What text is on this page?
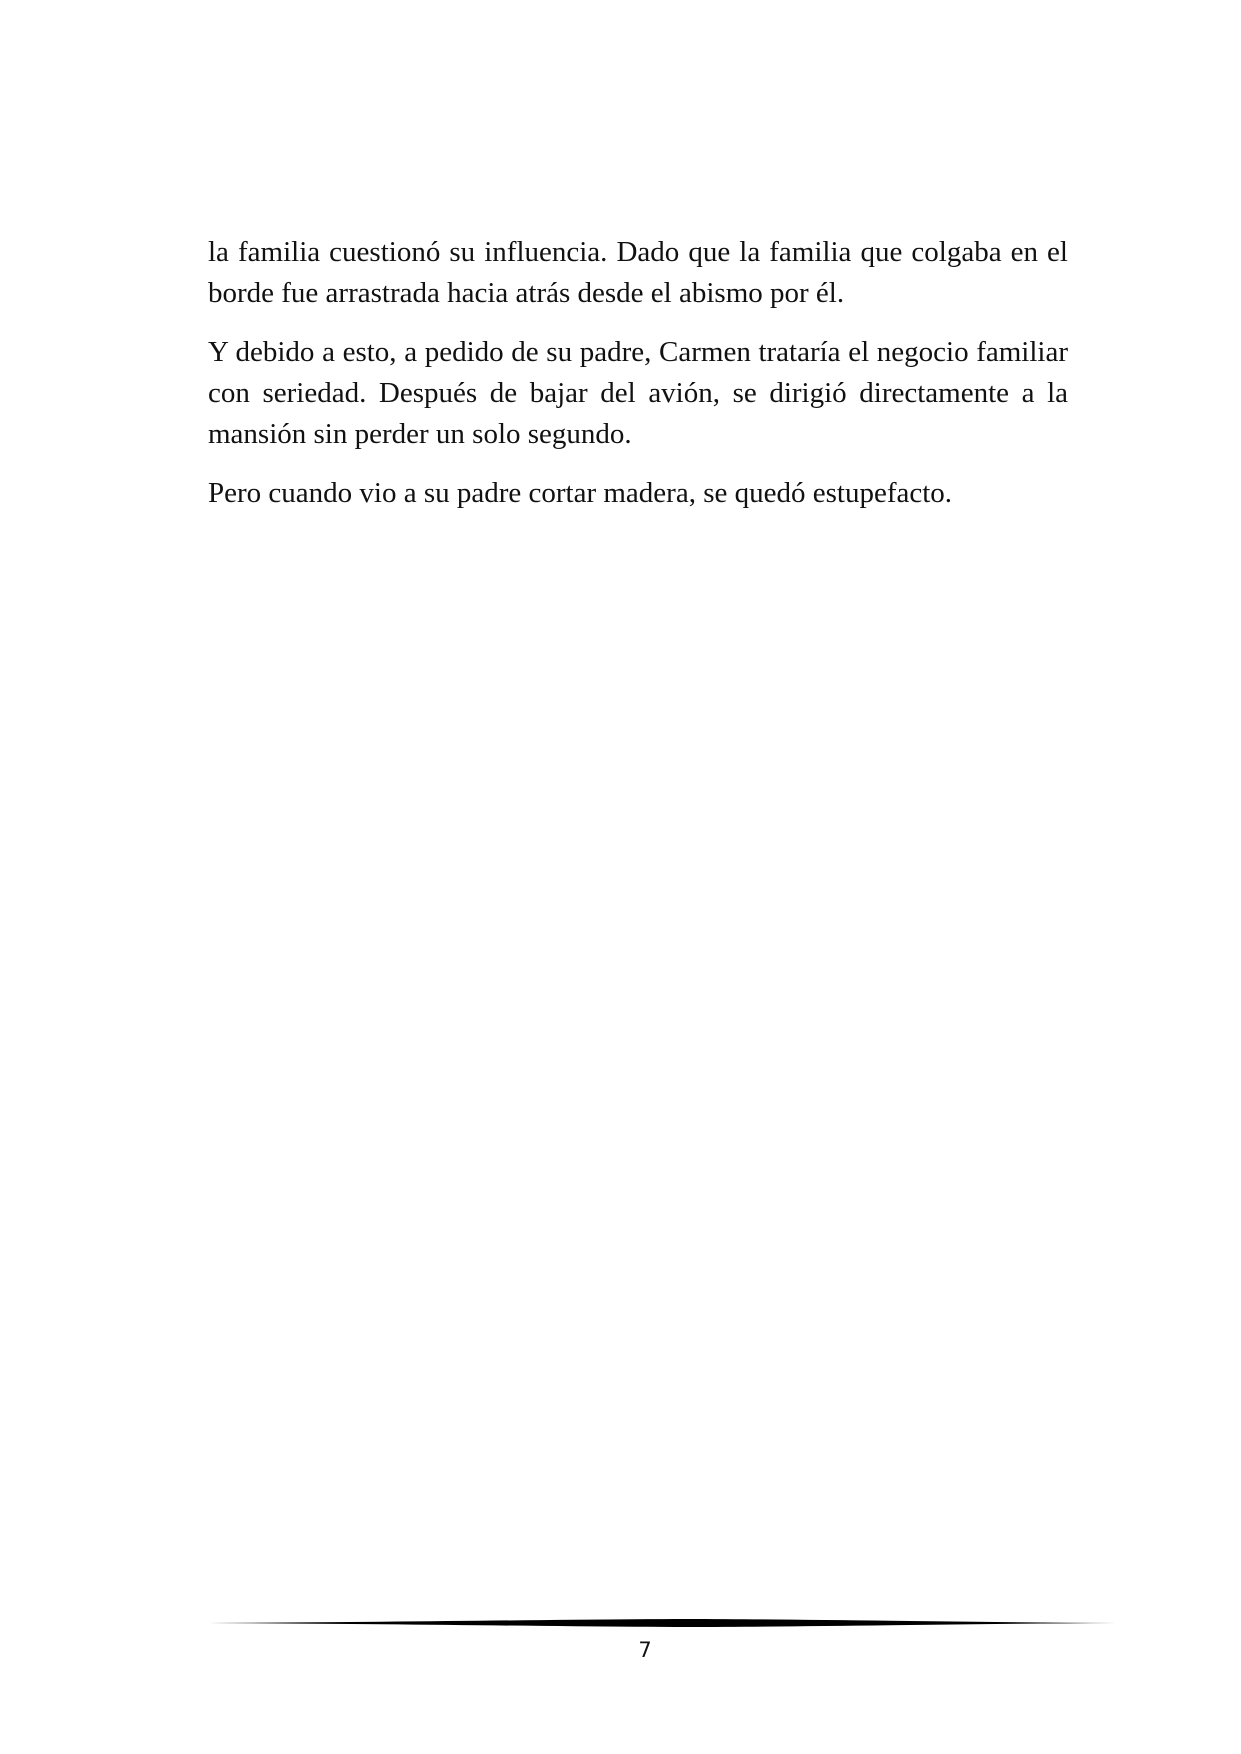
la familia cuestionó su influencia. Dado que la familia que colgaba en el borde fue arrastrada hacia atrás desde el abismo por él.

Y debido a esto, a pedido de su padre, Carmen trataría el negocio familiar con seriedad. Después de bajar del avión, se dirigió directamente a la mansión sin perder un solo segundo.

Pero cuando vio a su padre cortar madera, se quedó estupefacto.

7
